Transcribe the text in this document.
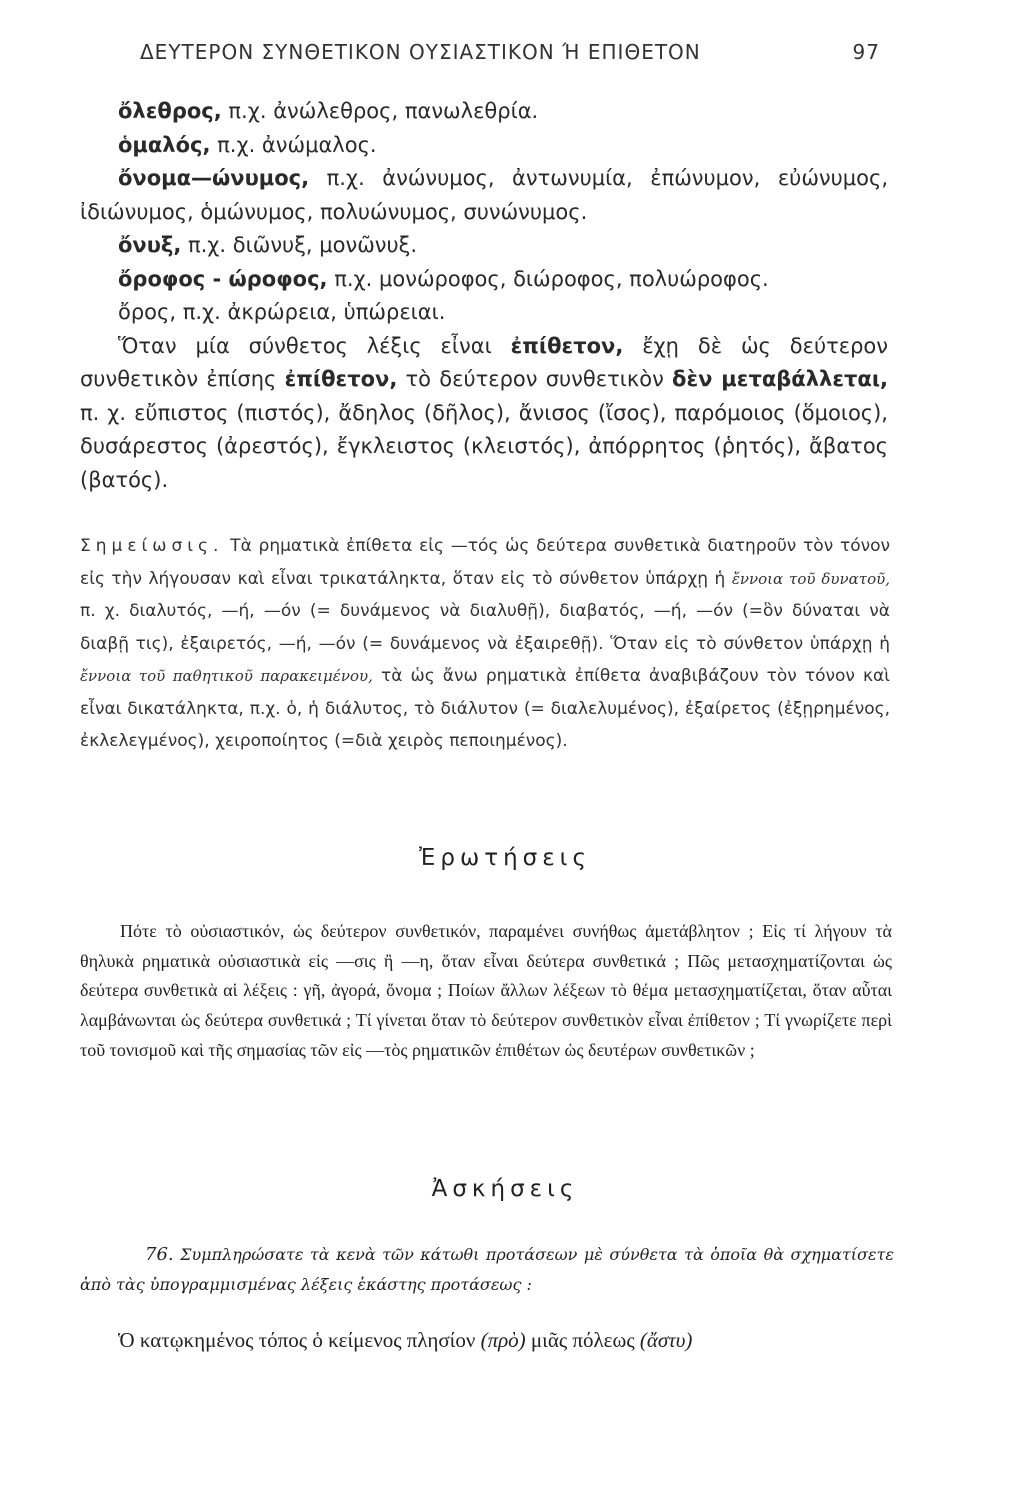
ΔΕΥΤΕΡΟΝ ΣΥΝΘΕΤΙΚΟΝ ΟΥΣΙΑΣΤΙΚΟΝ Ή ΕΠΙΘΕΤΟΝ	97

ὄλεθρος, π.χ. ἀνώλεθρος, πανωλεθρία.

ὁμαλός, π.χ. ἀνώμαλος.

ὄνομα—ώνυμος, π.χ. ἀνώνυμος, ἀντωνυμία, ἐπώνυμον, εὐώνυμος, ἰδιώνυμος, ὁμώνυμος, πολυώνυμος, συνώνυμος.

ὄνυξ, π.χ. διῶνυξ, μονῶνυξ.

ὄροφος - ώροφος, π.χ. μονώροφος, διώροφος, πολυώροφος.

ὄρος, π.χ. ἀκρώρεια, ὑπώρειαι.

Ὅταν μία σύνθετος λέξις εἶναι ἐπίθετον, ἔχῃ δὲ ὡς δεύτερον συνθετικὸν ἐπίσης ἐπίθετον, τὸ δεύτερον συνθετικὸν δὲν μεταβάλλεται, π. χ. εὔπιστος (πιστός), ἄδηλος (δῆλος), ἄνισος (ἴσος), παρόμοιος (ὅμοιος), δυσάρεστος (ἀρεστός), ἔγκλειστος (κλειστός), ἀπόρρητος (ῥητός), ἄβατος (βατός).

Σημείωσις. Τὰ ρηματικὰ ἐπίθετα εἰς —τός ὡς δεύτερα συνθετικὰ διατηροῦν τὸν τόνον εἰς τὴν λήγουσαν καὶ εἶναι τρικατάληκτα, ὅταν εἰς τὸ σύνθετον ὑπάρχῃ ἡ ἔννοια τοῦ δυνατοῦ, π. χ. διαλυτός, —ή, —όν (= δυνάμενος νὰ διαλυθῇ), διαβατός, —ή, —όν (=ὃν δύναται νὰ διαβῇ τις), ἐξαιρετός, —ή, —όν (= δυνάμενος νὰ ἐξαιρεθῇ). Ὅταν εἰς τὸ σύνθετον ὑπάρχῃ ἡ ἔννοια τοῦ παθητικοῦ παρακειμένου, τὰ ὡς ἄνω ρηματικὰ ἐπίθετα ἀναβιβάζουν τὸν τόνον καὶ εἶναι δικατάληκτα, π.χ. ὁ, ἡ διάλυτος, τὸ διάλυτον (= διαλελυμένος), ἐξαίρετος (ἐξῃρημένος, ἐκλελεγμένος), χειροποίητος (=διὰ χειρὸς πεποιημένος).
Ἐρωτήσεις
Πότε τὸ οὐσιαστικόν, ὡς δεύτερον συνθετικόν, παραμένει συνήθως ἀμετάβλητον ; Εἰς τί λήγουν τὰ θηλυκὰ ρηματικὰ οὐσιαστικὰ εἰς —σις ἢ —η, ὅταν εἶναι δεύτερα συνθετικά ; Πῶς μετασχηματίζονται ὡς δεύτερα συνθετικὰ αἱ λέξεις : γῆ, ἀγορά, ὄνομα ; Ποίων ἄλλων λέξεων τὸ θέμα μετασχηματίζεται, ὅταν αὗται λαμβάνωνται ὡς δεύτερα συνθετικά ; Τί γίνεται ὅταν τὸ δεύτερον συνθετικὸν εἶναι ἐπίθετον ; Τί γνωρίζετε περὶ τοῦ τονισμοῦ καὶ τῆς σημασίας τῶν εἰς —τὸς ρηματικῶν ἐπιθέτων ὡς δευτέρων συνθετικῶν ;
Ἀσκήσεις
76. Συμπληρώσατε τὰ κενὰ τῶν κάτωθι προτάσεων μὲ σύνθετα τὰ ὁποῖα θὰ σχηματίσετε ἀπὸ τὰς ὑπογραμμισμένας λέξεις ἑκάστης προτάσεως :
Ὁ κατῳκημένος τόπος ὁ κείμενος πλησίον (πρὸ) μιᾶς πόλεως (ἄστυ)
